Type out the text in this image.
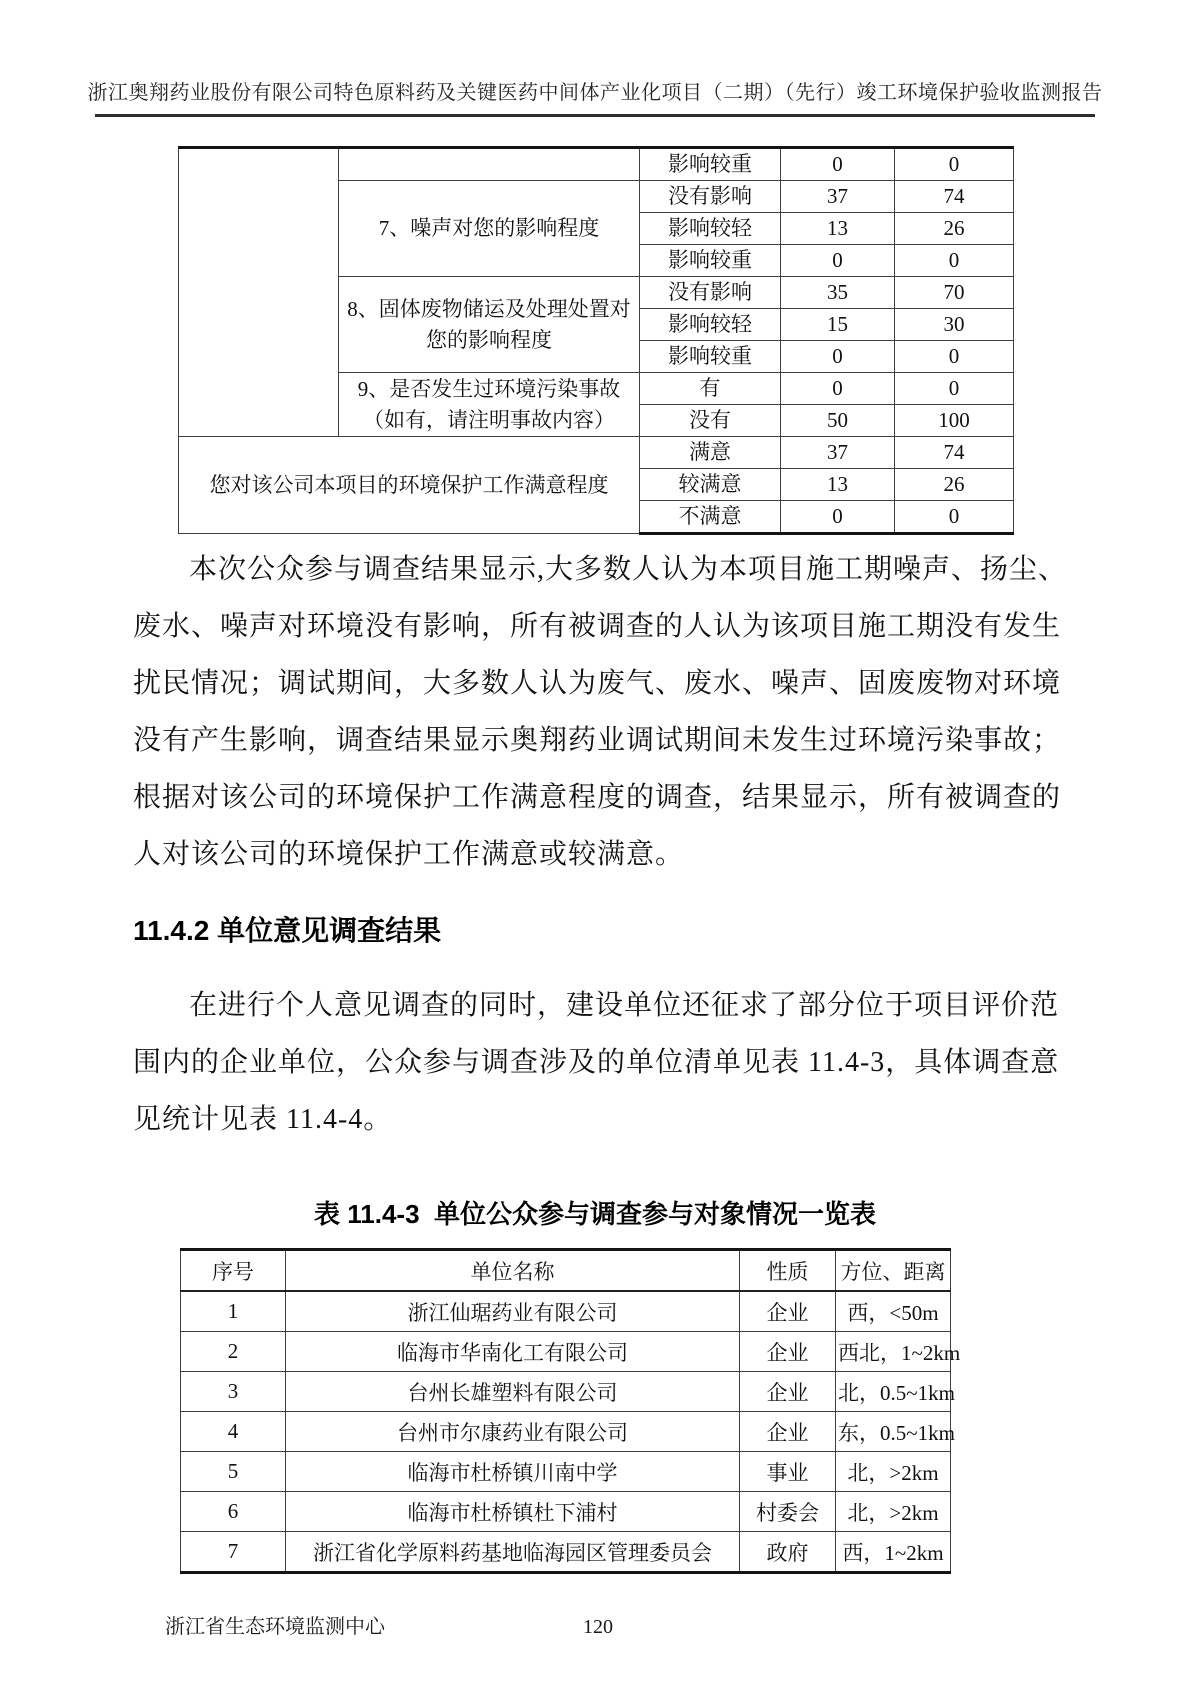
浙江奥翔药业股份有限公司特色原料药及关键医药中间体产业化项目（二期）（先行）竣工环境保护验收监测报告
		影响较重	0	0
	7、噪声对您的影响程度	没有影响	37	74
		影响较轻	13	26
		影响较重	0	0
	8、固体废物储运及处理处置对您的影响程度	没有影响	35	70
		影响较轻	15	30
		影响较重	0	0
	9、是否发生过环境污染事故（如有，请注明事故内容）	有	0	0
		没有	50	100
您对该公司本项目的环境保护工作满意程度		满意	37	74
		较满意	13	26
		不满意	0	0
本次公众参与调查结果显示,大多数人认为本项目施工期噪声、扬尘、
废水、噪声对环境没有影响，所有被调查的人认为该项目施工期没有发生
扰民情况；调试期间，大多数人认为废气、废水、噪声、固废废物对环境
没有产生影响，调查结果显示奥翔药业调试期间未发生过环境污染事故；
根据对该公司的环境保护工作满意程度的调查，结果显示，所有被调查的
人对该公司的环境保护工作满意或较满意。
11.4.2 单位意见调查结果
在进行个人意见调查的同时，建设单位还征求了部分位于项目评价范
围内的企业单位，公众参与调查涉及的单位清单见表 11.4-3，具体调查意
见统计见表 11.4-4。
表 11.4-3  单位公众参与调查参与对象情况一览表
序号	单位名称	性质	方位、距离
1	浙江仙琚药业有限公司	企业	西，<50m
2	临海市华南化工有限公司	企业	西北，1~2km
3	台州长雄塑料有限公司	企业	北，0.5~1km
4	台州市尔康药业有限公司	企业	东，0.5~1km
5	临海市杜桥镇川南中学	事业	北，>2km
6	临海市杜桥镇杜下浦村	村委会	北，>2km
7	浙江省化学原料药基地临海园区管理委员会	政府	西，1~2km
浙江省生态环境监测中心	120
